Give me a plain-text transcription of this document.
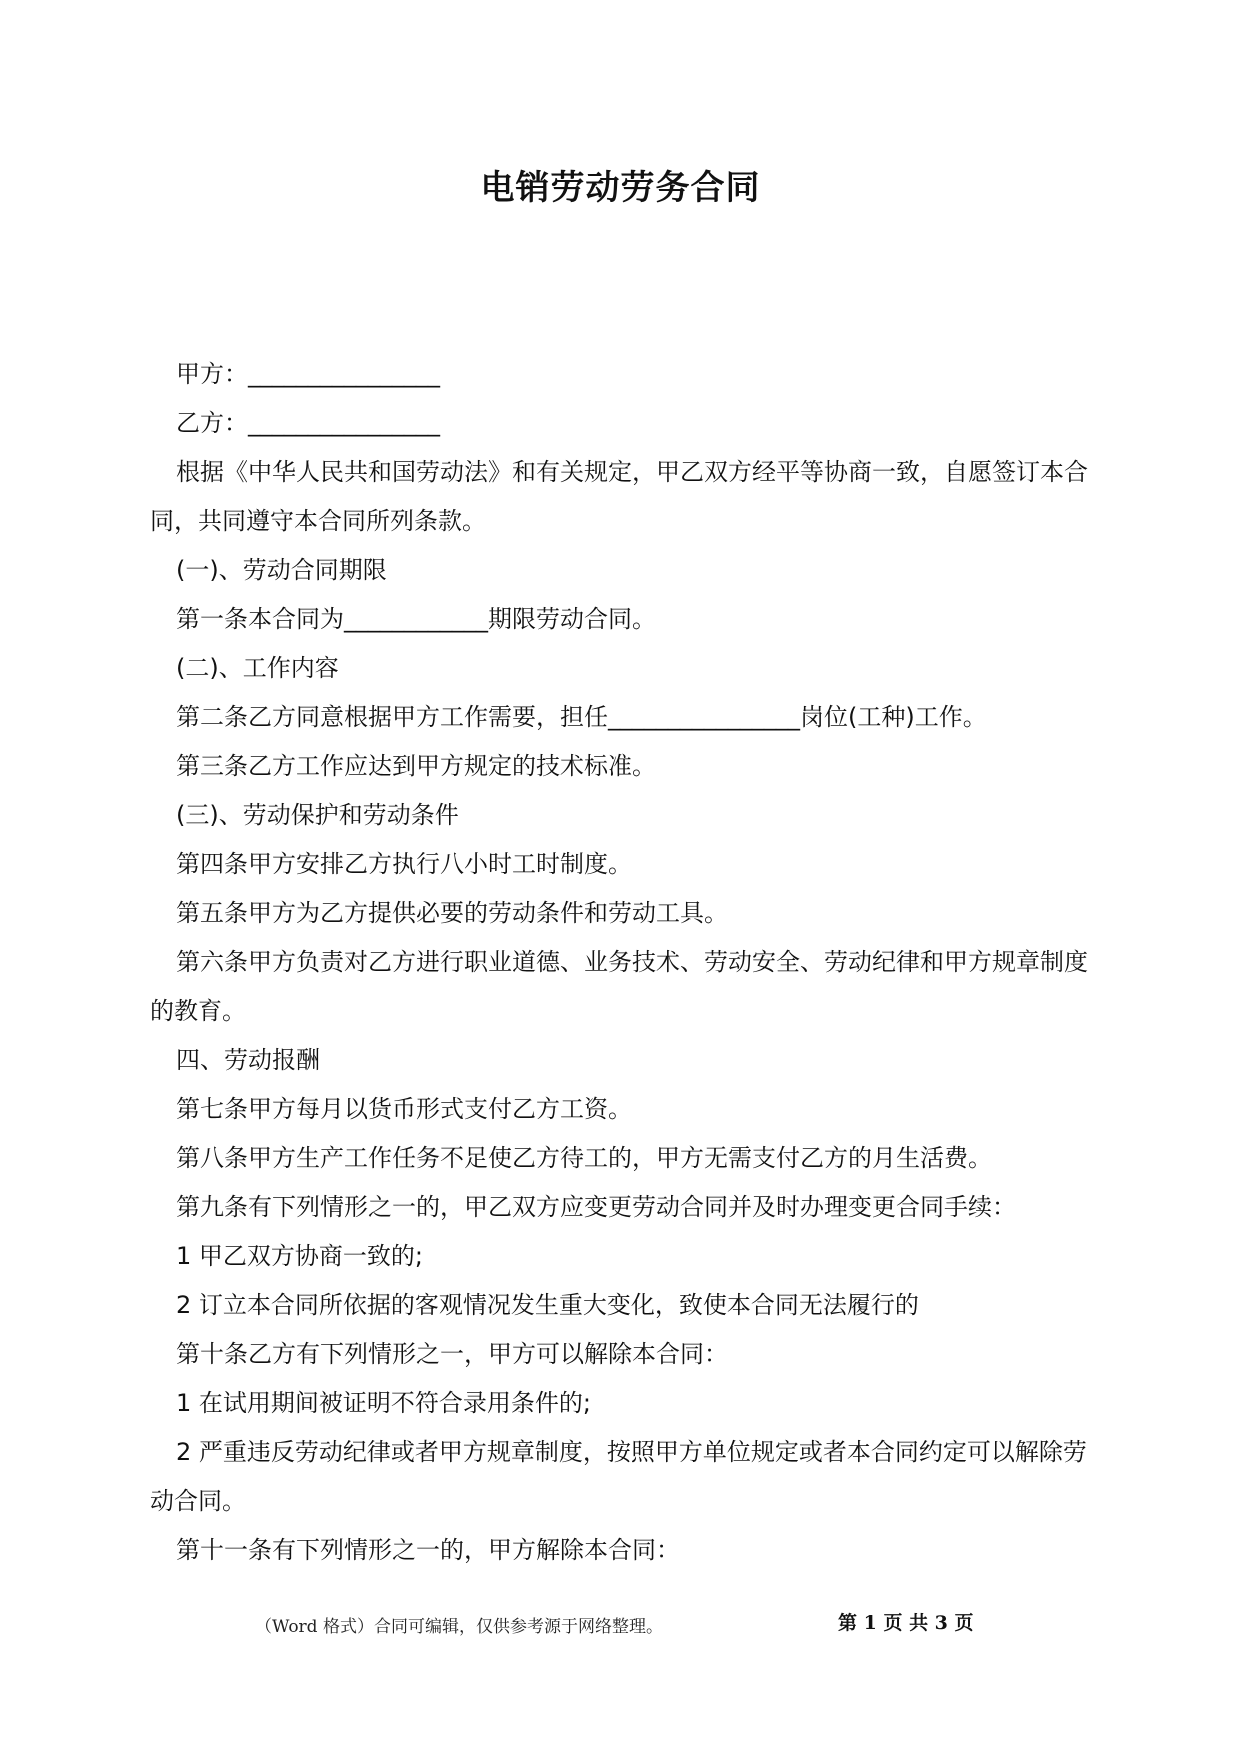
电销劳动劳务合同

甲方：________________

乙方：________________

根据《中华人民共和国劳动法》和有关规定，甲乙双方经平等协商一致，自愿签订本合同，共同遵守本合同所列条款。

(一)、劳动合同期限

第一条本合同为____________期限劳动合同。

(二)、工作内容

第二条乙方同意根据甲方工作需要，担任________________岗位(工种)工作。

第三条乙方工作应达到甲方规定的技术标准。

(三)、劳动保护和劳动条件

第四条甲方安排乙方执行八小时工时制度。

第五条甲方为乙方提供必要的劳动条件和劳动工具。

第六条甲方负责对乙方进行职业道德、业务技术、劳动安全、劳动纪律和甲方规章制度的教育。

四、劳动报酬

第七条甲方每月以货币形式支付乙方工资。

第八条甲方生产工作任务不足使乙方待工的，甲方无需支付乙方的月生活费。

第九条有下列情形之一的，甲乙双方应变更劳动合同并及时办理变更合同手续：

1 甲乙双方协商一致的;

2 订立本合同所依据的客观情况发生重大变化，致使本合同无法履行的

第十条乙方有下列情形之一，甲方可以解除本合同：

1 在试用期间被证明不符合录用条件的;

2 严重违反劳动纪律或者甲方规章制度，按照甲方单位规定或者本合同约定可以解除劳动合同。

第十一条有下列情形之一的，甲方解除本合同：

（Word 格式）合同可编辑，仅供参考源于网络整理。	第 1 页 共 3 页
